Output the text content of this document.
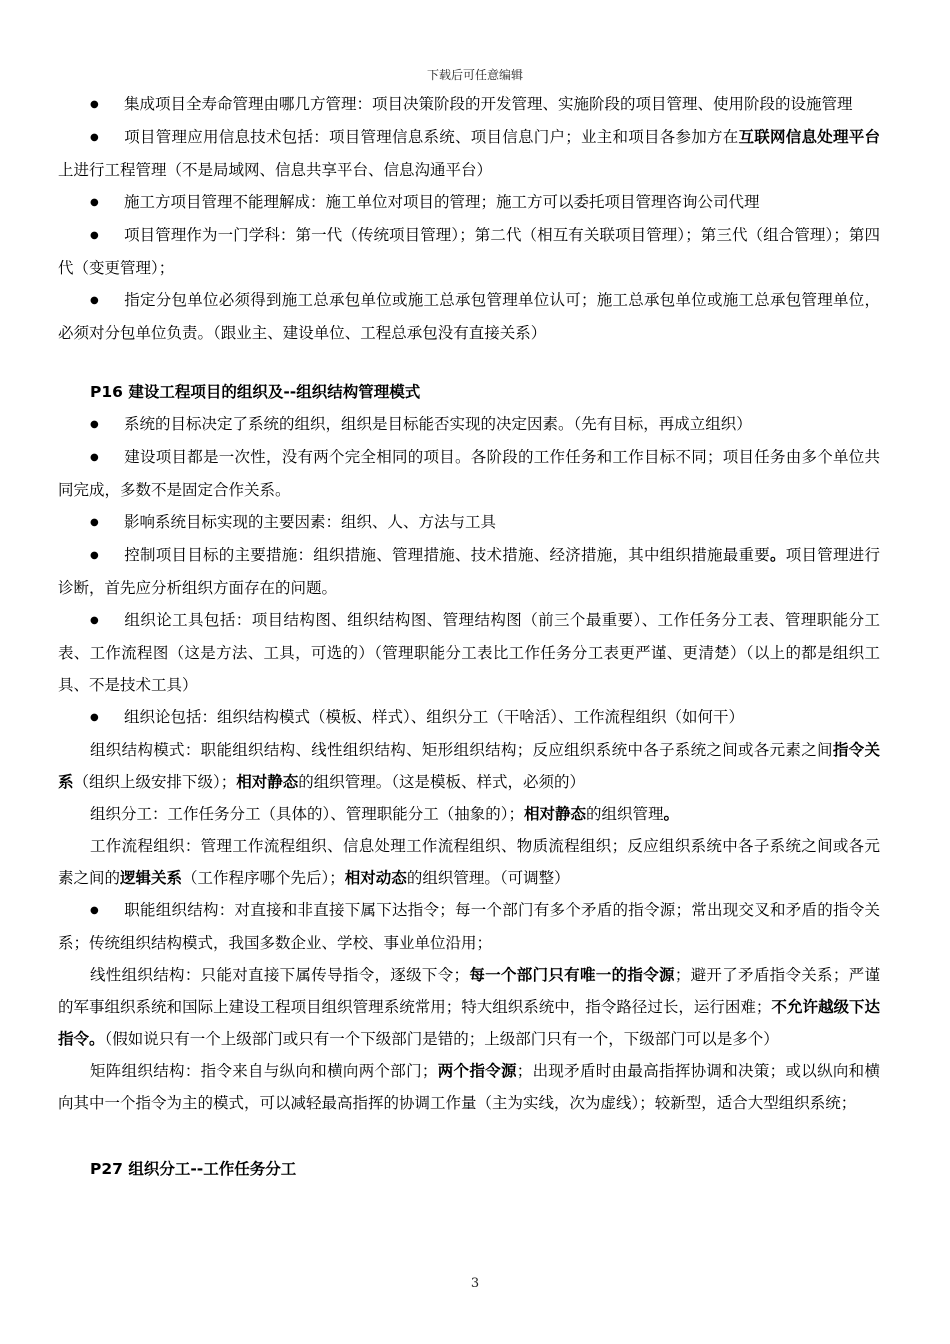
下载后可任意编辑

● 集成项目全寿命管理由哪几方管理：项目决策阶段的开发管理、实施阶段的项目管理、使用阶段的设施管理

● 项目管理应用信息技术包括：项目管理信息系统、项目信息门户；业主和项目各参加方在互联网信息处理平台上进行工程管理（不是局域网、信息共享平台、信息沟通平台）

● 施工方项目管理不能理解成：施工单位对项目的管理；施工方可以委托项目管理咨询公司代理

● 项目管理作为一门学科：第一代（传统项目管理）；第二代（相互有关联项目管理）；第三代（组合管理）；第四代（变更管理）；

● 指定分包单位必须得到施工总承包单位或施工总承包管理单位认可；施工总承包单位或施工总承包管理单位，必须对分包单位负责。（跟业主、建设单位、工程总承包没有直接关系）

P16 建设工程项目的组织及--组织结构管理模式

● 系统的目标决定了系统的组织，组织是目标能否实现的决定因素。（先有目标，再成立组织）

● 建设项目都是一次性，没有两个完全相同的项目。各阶段的工作任务和工作目标不同；项目任务由多个单位共同完成，多数不是固定合作关系。

● 影响系统目标实现的主要因素：组织、人、方法与工具

● 控制项目目标的主要措施：组织措施、管理措施、技术措施、经济措施，其中组织措施最重要。项目管理进行诊断，首先应分析组织方面存在的问题。

● 组织论工具包括：项目结构图、组织结构图、管理结构图（前三个最重要）、工作任务分工表、管理职能分工表、工作流程图（这是方法、工具，可选的）（管理职能分工表比工作任务分工表更严谨、更清楚）（以上的都是组织工具、不是技术工具）

● 组织论包括：组织结构模式（模板、样式）、组织分工（干啥活）、工作流程组织（如何干）

组织结构模式：职能组织结构、线性组织结构、矩形组织结构；反应组织系统中各子系统之间或各元素之间指令关系（组织上级安排下级）；相对静态的组织管理。（这是模板、样式，必须的）

组织分工：工作任务分工（具体的）、管理职能分工（抽象的）；相对静态的组织管理。

工作流程组织：管理工作流程组织、信息处理工作流程组织、物质流程组织；反应组织系统中各子系统之间或各元素之间的逻辑关系（工作程序哪个先后）；相对动态的组织管理。（可调整）

● 职能组织结构：对直接和非直接下属下达指令；每一个部门有多个矛盾的指令源；常出现交叉和矛盾的指令关系；传统组织结构模式，我国多数企业、学校、事业单位沿用；

线性组织结构：只能对直接下属传导指令，逐级下令；每一个部门只有唯一的指令源；避开了矛盾指令关系；严谨的军事组织系统和国际上建设工程项目组织管理系统常用；特大组织系统中，指令路径过长，运行困难；不允许越级下达指令。（假如说只有一个上级部门或只有一个下级部门是错的；上级部门只有一个，下级部门可以是多个）

矩阵组织结构：指令来自与纵向和横向两个部门；两个指令源；出现矛盾时由最高指挥协调和决策；或以纵向和横向其中一个指令为主的模式，可以减轻最高指挥的协调工作量（主为实线，次为虚线）；较新型，适合大型组织系统；

P27 组织分工--工作任务分工

3
